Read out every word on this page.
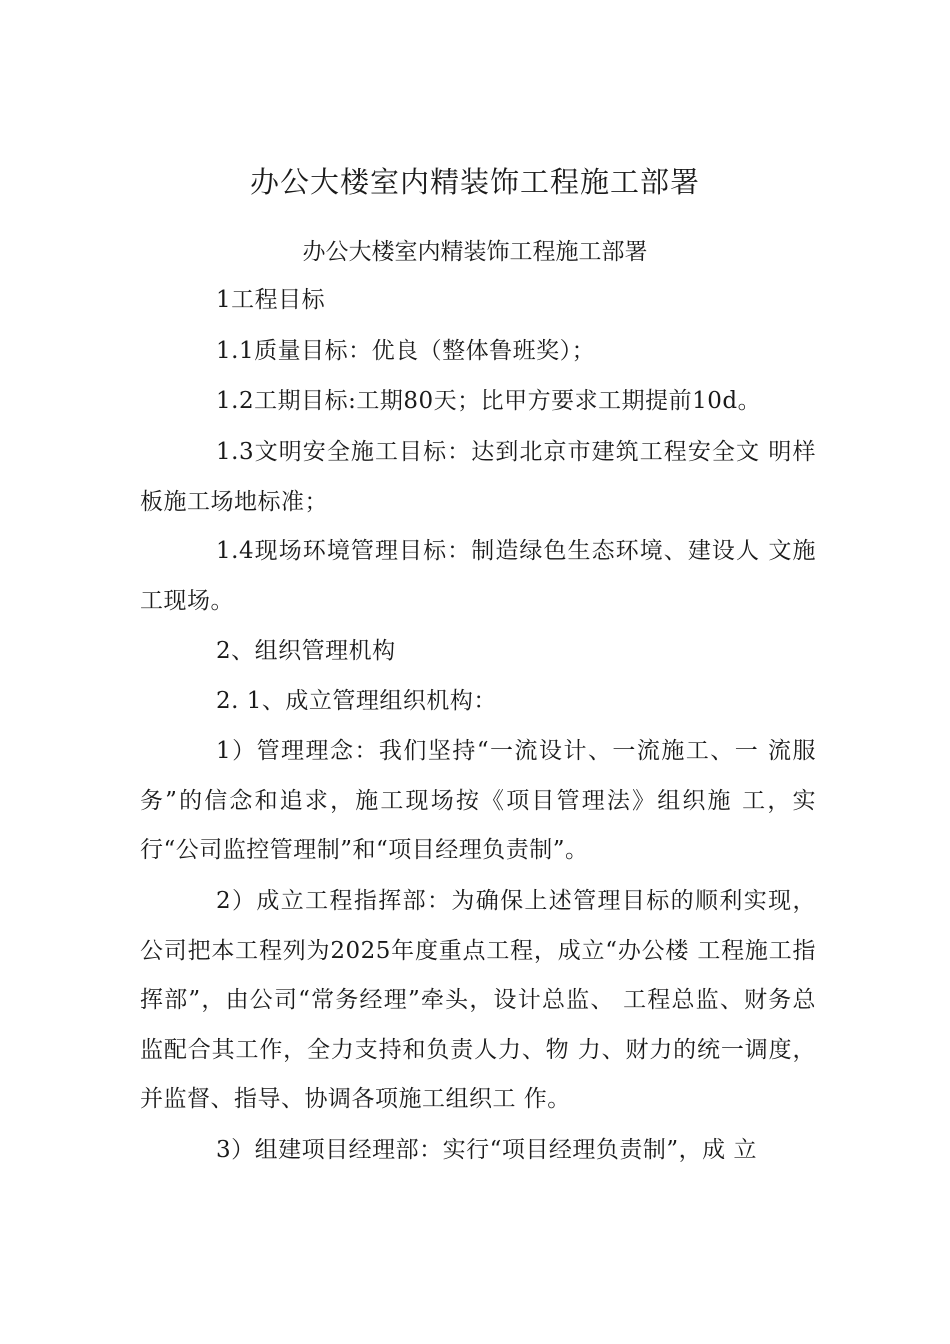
办公大楼室内精装饰工程施工部署
办公大楼室内精装饰工程施工部署
1工程目标
1.1质量目标：优良（整体鲁班奖）；
1.2工期目标:工期80天；比甲方要求工期提前10d。
1.3文明安全施工目标：达到北京市建筑工程安全文 明样板施工场地标准；
1.4现场环境管理目标：制造绿色生态环境、建设人 文施工现场。
2、组织管理机构
2. 1、成立管理组织机构：
1）管理理念：我们坚持“一流设计、一流施工、一 流服务”的信念和追求，施工现场按《项目管理法》组织施 工，实行“公司监控管理制”和“项目经理负责制”。
2）成立工程指挥部：为确保上述管理目标的顺利实现，公司把本工程列为2025年度重点工程，成立“办公楼 工程施工指挥部”，由公司“常务经理”牵头，设计总监、 工程总监、财务总监配合其工作，全力支持和负责人力、物 力、财力的统一调度，并监督、指导、协调各项施工组织工 作。
3）组建项目经理部：实行“项目经理负责制”，成 立
